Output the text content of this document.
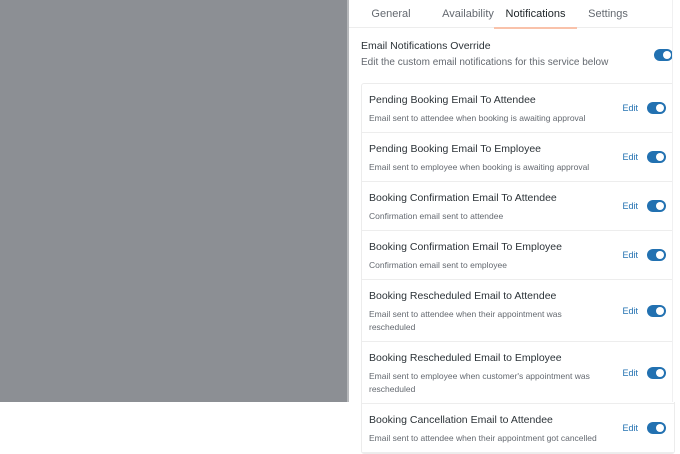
General	Availability	Notifications	Settings
Email Notifications Override
Edit the custom email notifications for this service below
Pending Booking Email To Attendee
Email sent to attendee when booking is awaiting approval
Edit
Pending Booking Email To Employee
Email sent to employee when booking is awaiting approval
Edit
Booking Confirmation Email To Attendee
Confirmation email sent to attendee
Edit
Booking Confirmation Email To Employee
Confirmation email sent to employee
Edit
Booking Rescheduled Email to Attendee
Email sent to attendee when their appointment was rescheduled
Edit
Booking Rescheduled Email to Employee
Email sent to employee when customer's appointment was rescheduled
Edit
Booking Cancellation Email to Attendee
Email sent to attendee when their appointment got cancelled
Edit
